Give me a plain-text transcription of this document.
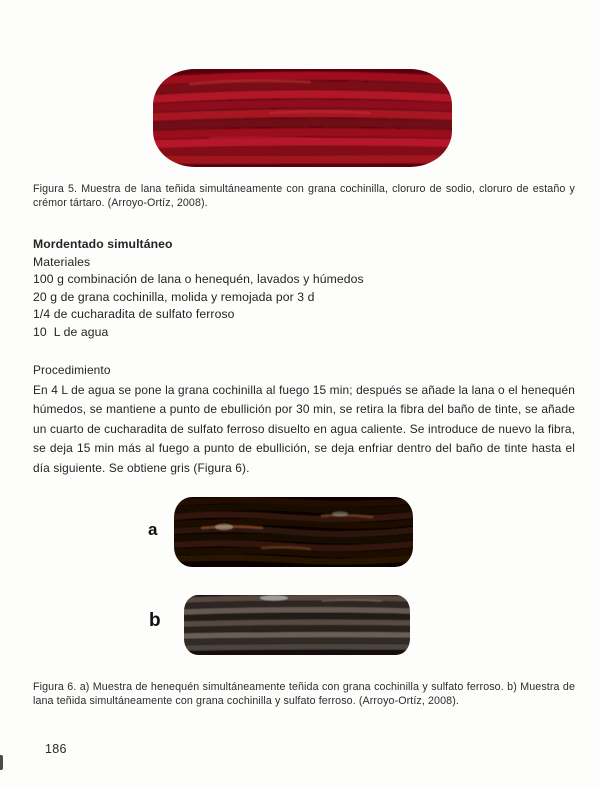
Figura 5. Muestra de lana teñida simultáneamente con grana cochinilla, cloruro de sodio, cloruro de estaño y crémor tártaro. (Arroyo-Ortíz, 2008).
Mordentado simultáneo
Materiales
100 g combinación de lana o henequén, lavados y húmedos
20 g de grana cochinilla, molida y remojada por 3 d
1/4 de cucharadita de sulfato ferroso
10  L de agua
Procedimiento
En 4 L de agua se pone la grana cochinilla al fuego 15 min; después se añade la lana o el henequén húmedos, se mantiene a punto de ebullición por 30 min, se retira la fibra del baño de tinte, se añade un cuarto de cucharadita de sulfato ferroso disuelto en agua caliente. Se introduce de nuevo la fibra, se deja 15 min más al fuego a punto de ebullición, se deja enfriar dentro del baño de tinte hasta el día siguiente. Se obtiene gris (Figura 6).
a
b
Figura 6. a) Muestra de henequén simultáneamente teñida con grana cochinilla y sulfato ferroso. b) Muestra de lana teñida simultáneamente con grana cochinilla y sulfato ferroso. (Arroyo-Ortíz, 2008).
186
